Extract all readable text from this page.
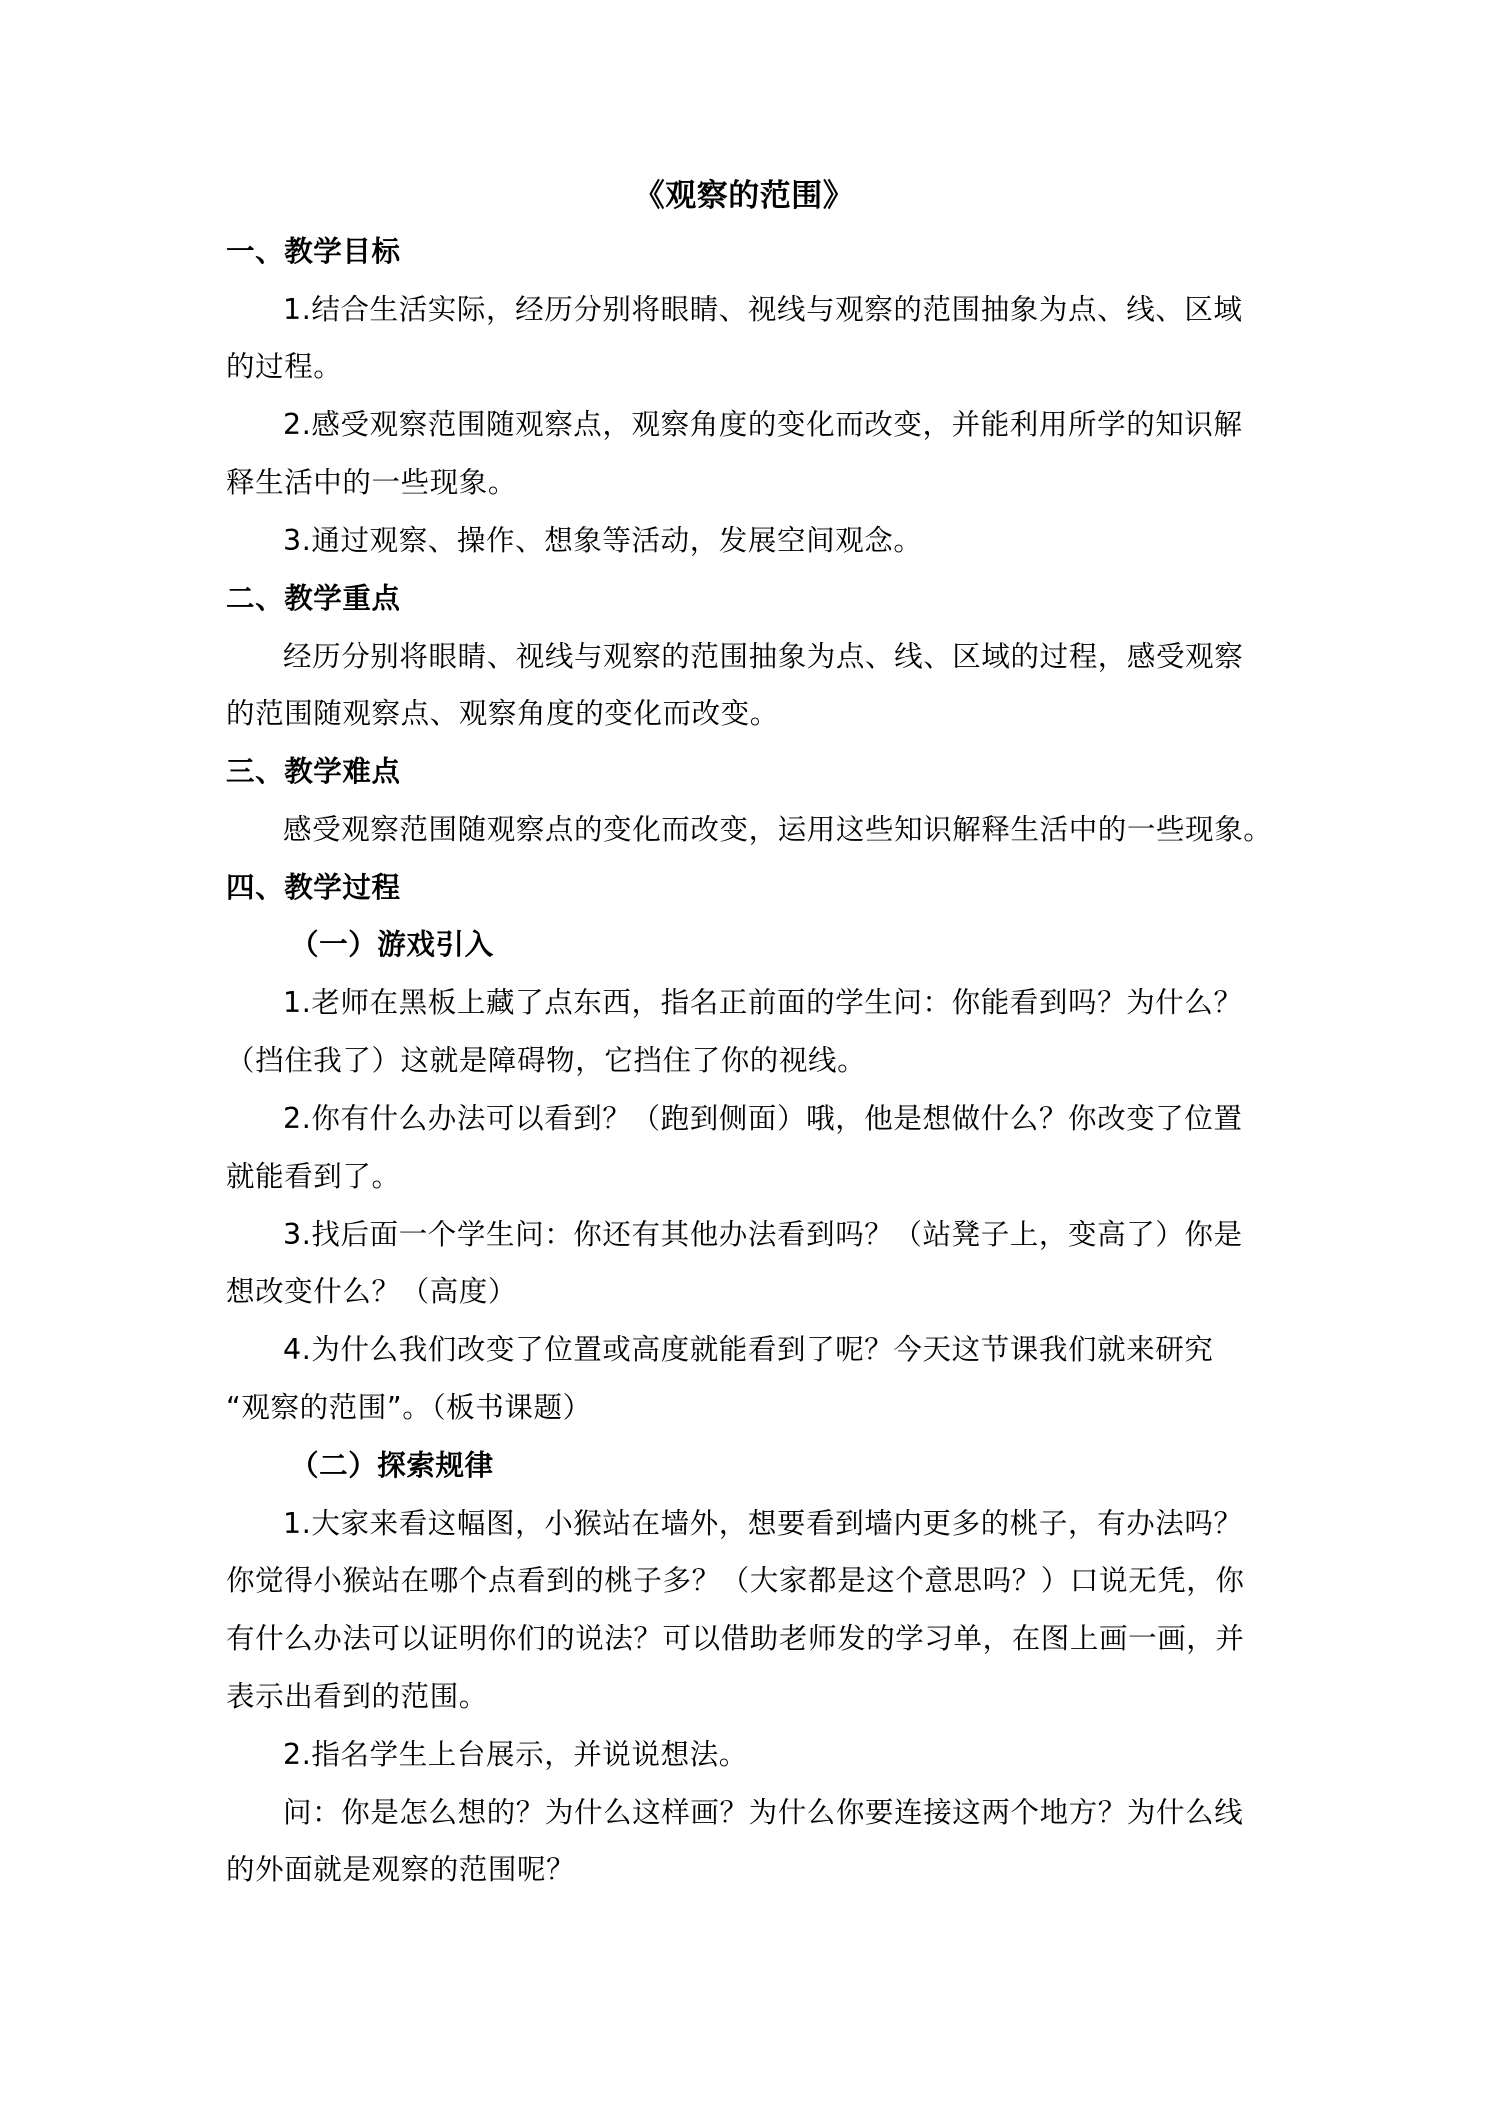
《观察的范围》
一、教学目标
1.结合生活实际，经历分别将眼睛、视线与观察的范围抽象为点、线、区域
的过程。
2.感受观察范围随观察点，观察角度的变化而改变，并能利用所学的知识解
释生活中的一些现象。
3.通过观察、操作、想象等活动，发展空间观念。
二、教学重点
经历分别将眼睛、视线与观察的范围抽象为点、线、区域的过程，感受观察
的范围随观察点、观察角度的变化而改变。
三、教学难点
感受观察范围随观察点的变化而改变，运用这些知识解释生活中的一些现象。
四、教学过程
（一）游戏引入
1.老师在黑板上藏了点东西，指名正前面的学生问：你能看到吗？为什么？
（挡住我了）这就是障碍物，它挡住了你的视线。
2.你有什么办法可以看到？（跑到侧面）哦，他是想做什么？你改变了位置
就能看到了。
3.找后面一个学生问：你还有其他办法看到吗？（站凳子上，变高了）你是
想改变什么？（高度）
4.为什么我们改变了位置或高度就能看到了呢？今天这节课我们就来研究
“观察的范围”。（板书课题）
（二）探索规律
1.大家来看这幅图，小猴站在墙外，想要看到墙内更多的桃子，有办法吗？
你觉得小猴站在哪个点看到的桃子多？（大家都是这个意思吗？）口说无凭，你
有什么办法可以证明你们的说法？可以借助老师发的学习单，在图上画一画，并
表示出看到的范围。
2.指名学生上台展示，并说说想法。
问：你是怎么想的？为什么这样画？为什么你要连接这两个地方？为什么线
的外面就是观察的范围呢？
